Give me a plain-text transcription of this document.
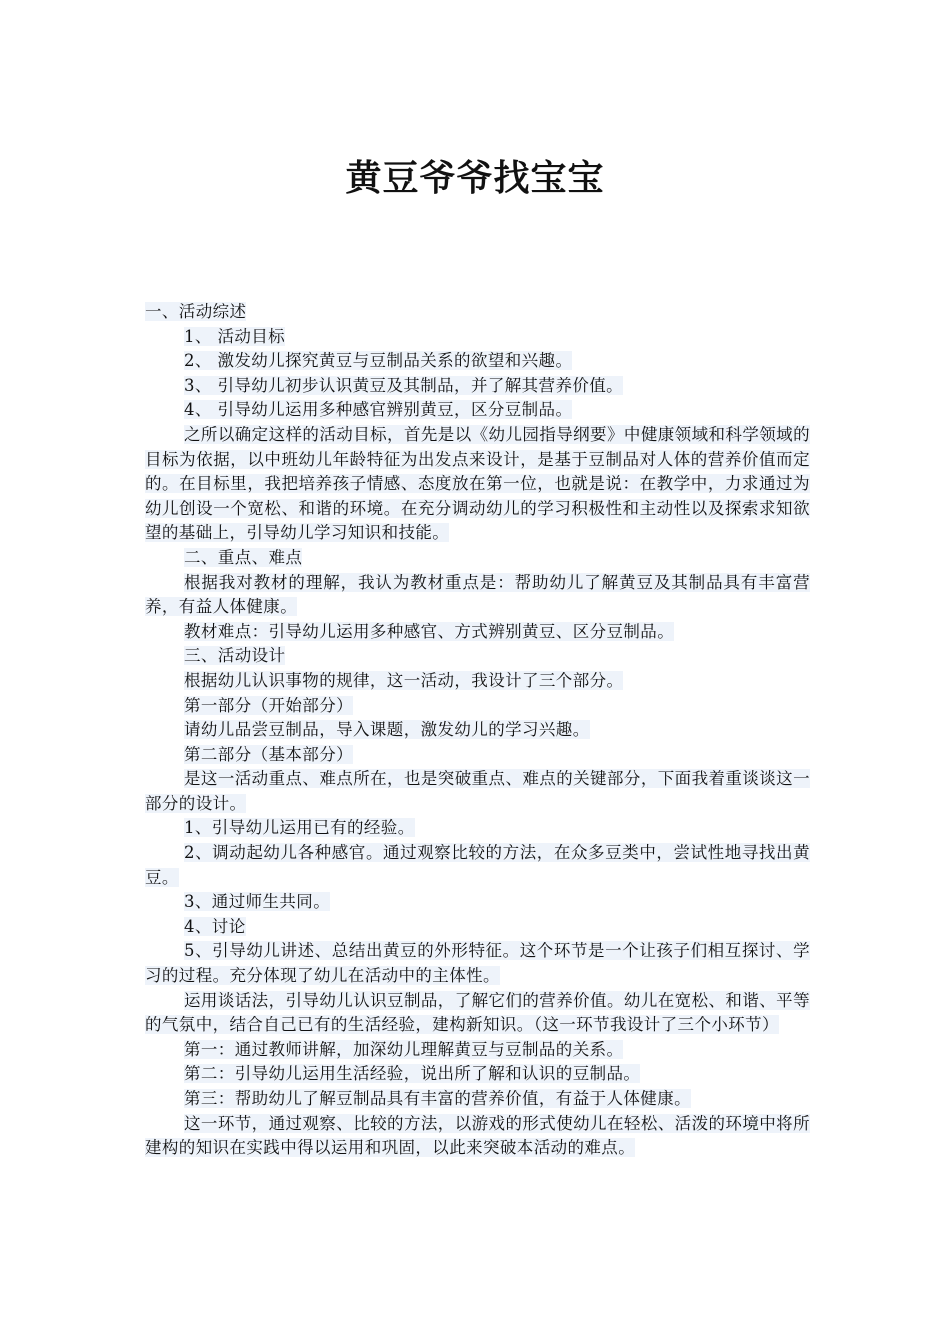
黄豆爷爷找宝宝

一、活动综述

1、 活动目标

2、 激发幼儿探究黄豆与豆制品关系的欲望和兴趣。

3、 引导幼儿初步认识黄豆及其制品，并了解其营养价值。

4、 引导幼儿运用多种感官辨别黄豆，区分豆制品。

之所以确定这样的活动目标，首先是以《幼儿园指导纲要》中健康领域和科学领域的目标为依据，以中班幼儿年龄特征为出发点来设计，是基于豆制品对人体的营养价值而定的。在目标里，我把培养孩子情感、态度放在第一位，也就是说：在教学中，力求通过为幼儿创设一个宽松、和谐的环境。在充分调动幼儿的学习积极性和主动性以及探索求知欲望的基础上，引导幼儿学习知识和技能。

二、重点、难点

根据我对教材的理解，我认为教材重点是：帮助幼儿了解黄豆及其制品具有丰富营养，有益人体健康。

教材难点：引导幼儿运用多种感官、方式辨别黄豆、区分豆制品。

三、活动设计

根据幼儿认识事物的规律，这一活动，我设计了三个部分。

第一部分（开始部分）

请幼儿品尝豆制品，导入课题，激发幼儿的学习兴趣。

第二部分（基本部分）

是这一活动重点、难点所在，也是突破重点、难点的关键部分，下面我着重谈谈这一部分的设计。

1、引导幼儿运用已有的经验。

2、调动起幼儿各种感官。通过观察比较的方法，在众多豆类中，尝试性地寻找出黄豆。

3、通过师生共同。

4、讨论

5、引导幼儿讲述、总结出黄豆的外形特征。这个环节是一个让孩子们相互探讨、学习的过程。充分体现了幼儿在活动中的主体性。

运用谈话法，引导幼儿认识豆制品，了解它们的营养价值。幼儿在宽松、和谐、平等的气氛中，结合自己已有的生活经验，建构新知识。（这一环节我设计了三个小环节）

第一：通过教师讲解，加深幼儿理解黄豆与豆制品的关系。

第二：引导幼儿运用生活经验，说出所了解和认识的豆制品。

第三：帮助幼儿了解豆制品具有丰富的营养价值，有益于人体健康。

这一环节，通过观察、比较的方法，以游戏的形式使幼儿在轻松、活泼的环境中将所建构的知识在实践中得以运用和巩固，以此来突破本活动的难点。
